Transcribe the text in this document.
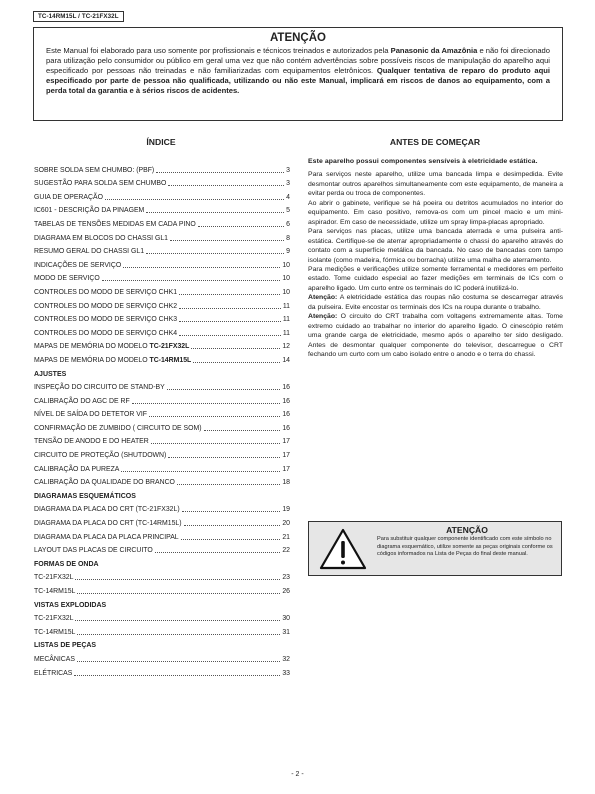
TC-14RM15L / TC-21FX32L
ATENÇÃO
Este Manual foi elaborado para uso somente por profissionais e técnicos treinados e autorizados pela Panasonic da Amazônia e não foi direcionado para utilização pelo consumidor ou público em geral uma vez que não contém advertências sobre possíveis riscos de manipulação do aparelho aqui especificado por pessoas não treinadas e não familiarizadas com equipamentos eletrônicos. Qualquer tentativa de reparo do produto aqui especificado por parte de pessoa não qualificada, utilizando ou não este Manual, implicará em riscos de danos ao equipamento, com a perda total da garantia e à sérios riscos de acidentes.
ÍNDICE	ANTES DE COMEÇAR
SOBRE SOLDA SEM CHUMBO: (PBF)	3
SUGESTÃO PARA SOLDA SEM CHUMBO	3
GUIA DE OPERAÇÃO	4
IC601 - DESCRIÇÃO DA PINAGEM	5
TABELAS DE TENSÕES MEDIDAS EM CADA PINO	6
DIAGRAMA EM BLOCOS DO CHASSI GL1	8
RESUMO GERAL DO CHASSI GL1	9
INDICAÇÕES DE SERVIÇO	10
MODO DE SERVIÇO	10
CONTROLES DO MODO DE SERVIÇO CHK1	10
CONTROLES DO MODO DE SERVIÇO CHK2	11
CONTROLES DO MODO DE SERVIÇO CHK3	11
CONTROLES DO MODO DE SERVIÇO CHK4	11
MAPAS DE MEMÓRIA DO MODELO TC-21FX32L	12
MAPAS DE MEMÓRIA DO MODELO TC-14RM15L	14
AJUSTES
INSPEÇÃO DO CIRCUITO DE STAND-BY	16
CALIBRAÇÃO DO AGC DE RF	16
NÍVEL DE SAÍDA DO DETETOR VIF	16
CONFIRMAÇÃO DE ZUMBIDO ( CIRCUITO DE SOM)	16
TENSÃO DE ANODO E DO HEATER	17
CIRCUITO DE PROTEÇÃO (SHUTDOWN)	17
CALIBRAÇÃO DA PUREZA	17
CALIBRAÇÃO DA QUALIDADE DO BRANCO	18
DIAGRAMAS ESQUEMÁTICOS
DIAGRAMA DA PLACA DO CRT (TC-21FX32L)	19
DIAGRAMA DA PLACA DO CRT (TC-14RM15L)	20
DIAGRAMA DA PLACA DA PLACA PRINCIPAL	21
LAYOUT DAS PLACAS DE CIRCUITO	22
FORMAS DE ONDA
TC-21FX32L	23
TC-14RM15L	26
VISTAS EXPLODIDAS
TC-21FX32L	30
TC-14RM15L	31
LISTAS DE PEÇAS
MECÂNICAS	32
ELÉTRICAS	33

Este aparelho possui componentes sensíveis à eletricidade estática.

Para serviços neste aparelho, utilize uma bancada limpa e desimpedida. Evite desmontar outros aparelhos simultaneamente com este equipamento, de maneira a evitar perda ou troca de componentes.

Ao abrir o gabinete, verifique se há poeira ou detritos acumulados no interior do equipamento. Em caso positivo, remova-os com um pincel macio e um mini-aspirador. Em caso de necessidade, utilize um spray limpa-placas apropriado.

Para serviços nas placas, utilize uma bancada aterrada e uma pulseira anti-estática. Certifique-se de aterrar apropriadamente o chassi do aparelho através do contato com a superfície metálica da bancada. No caso de bancadas com tampo isolante (como madeira, fórmica ou borracha) utilize uma malha de aterramento.

Para medições e verificações utilize somente ferramental e medidores em perfeito estado. Tome cuidado especial ao fazer medições em terminais de ICs com o aparelho ligado. Um curto entre os terminais do IC poderá inutilizá-lo.

Atenção: A eletricidade estática das roupas não costuma se descarregar através da pulseira. Evite encostar os terminais dos ICs na roupa durante o trabalho.

Atenção: O circuito do CRT trabalha com voltagens extremamente altas. Tome extremo cuidado ao trabalhar no interior do aparelho ligado. O cinescópio retém uma grande carga de eletricidade, mesmo após o aparelho ter sido desligado. Antes de desmontar qualquer componente do televisor, descarregue o CRT fechando um curto com um cabo isolado entre o anodo e o terra do chassi.

ATENÇÃO
Para substituir qualquer componente identificado com este símbolo no diagrama esquemático, utilize somente as peças originais conforme os códigos informados na Lista de Peças do final deste manual.
- 2 -
